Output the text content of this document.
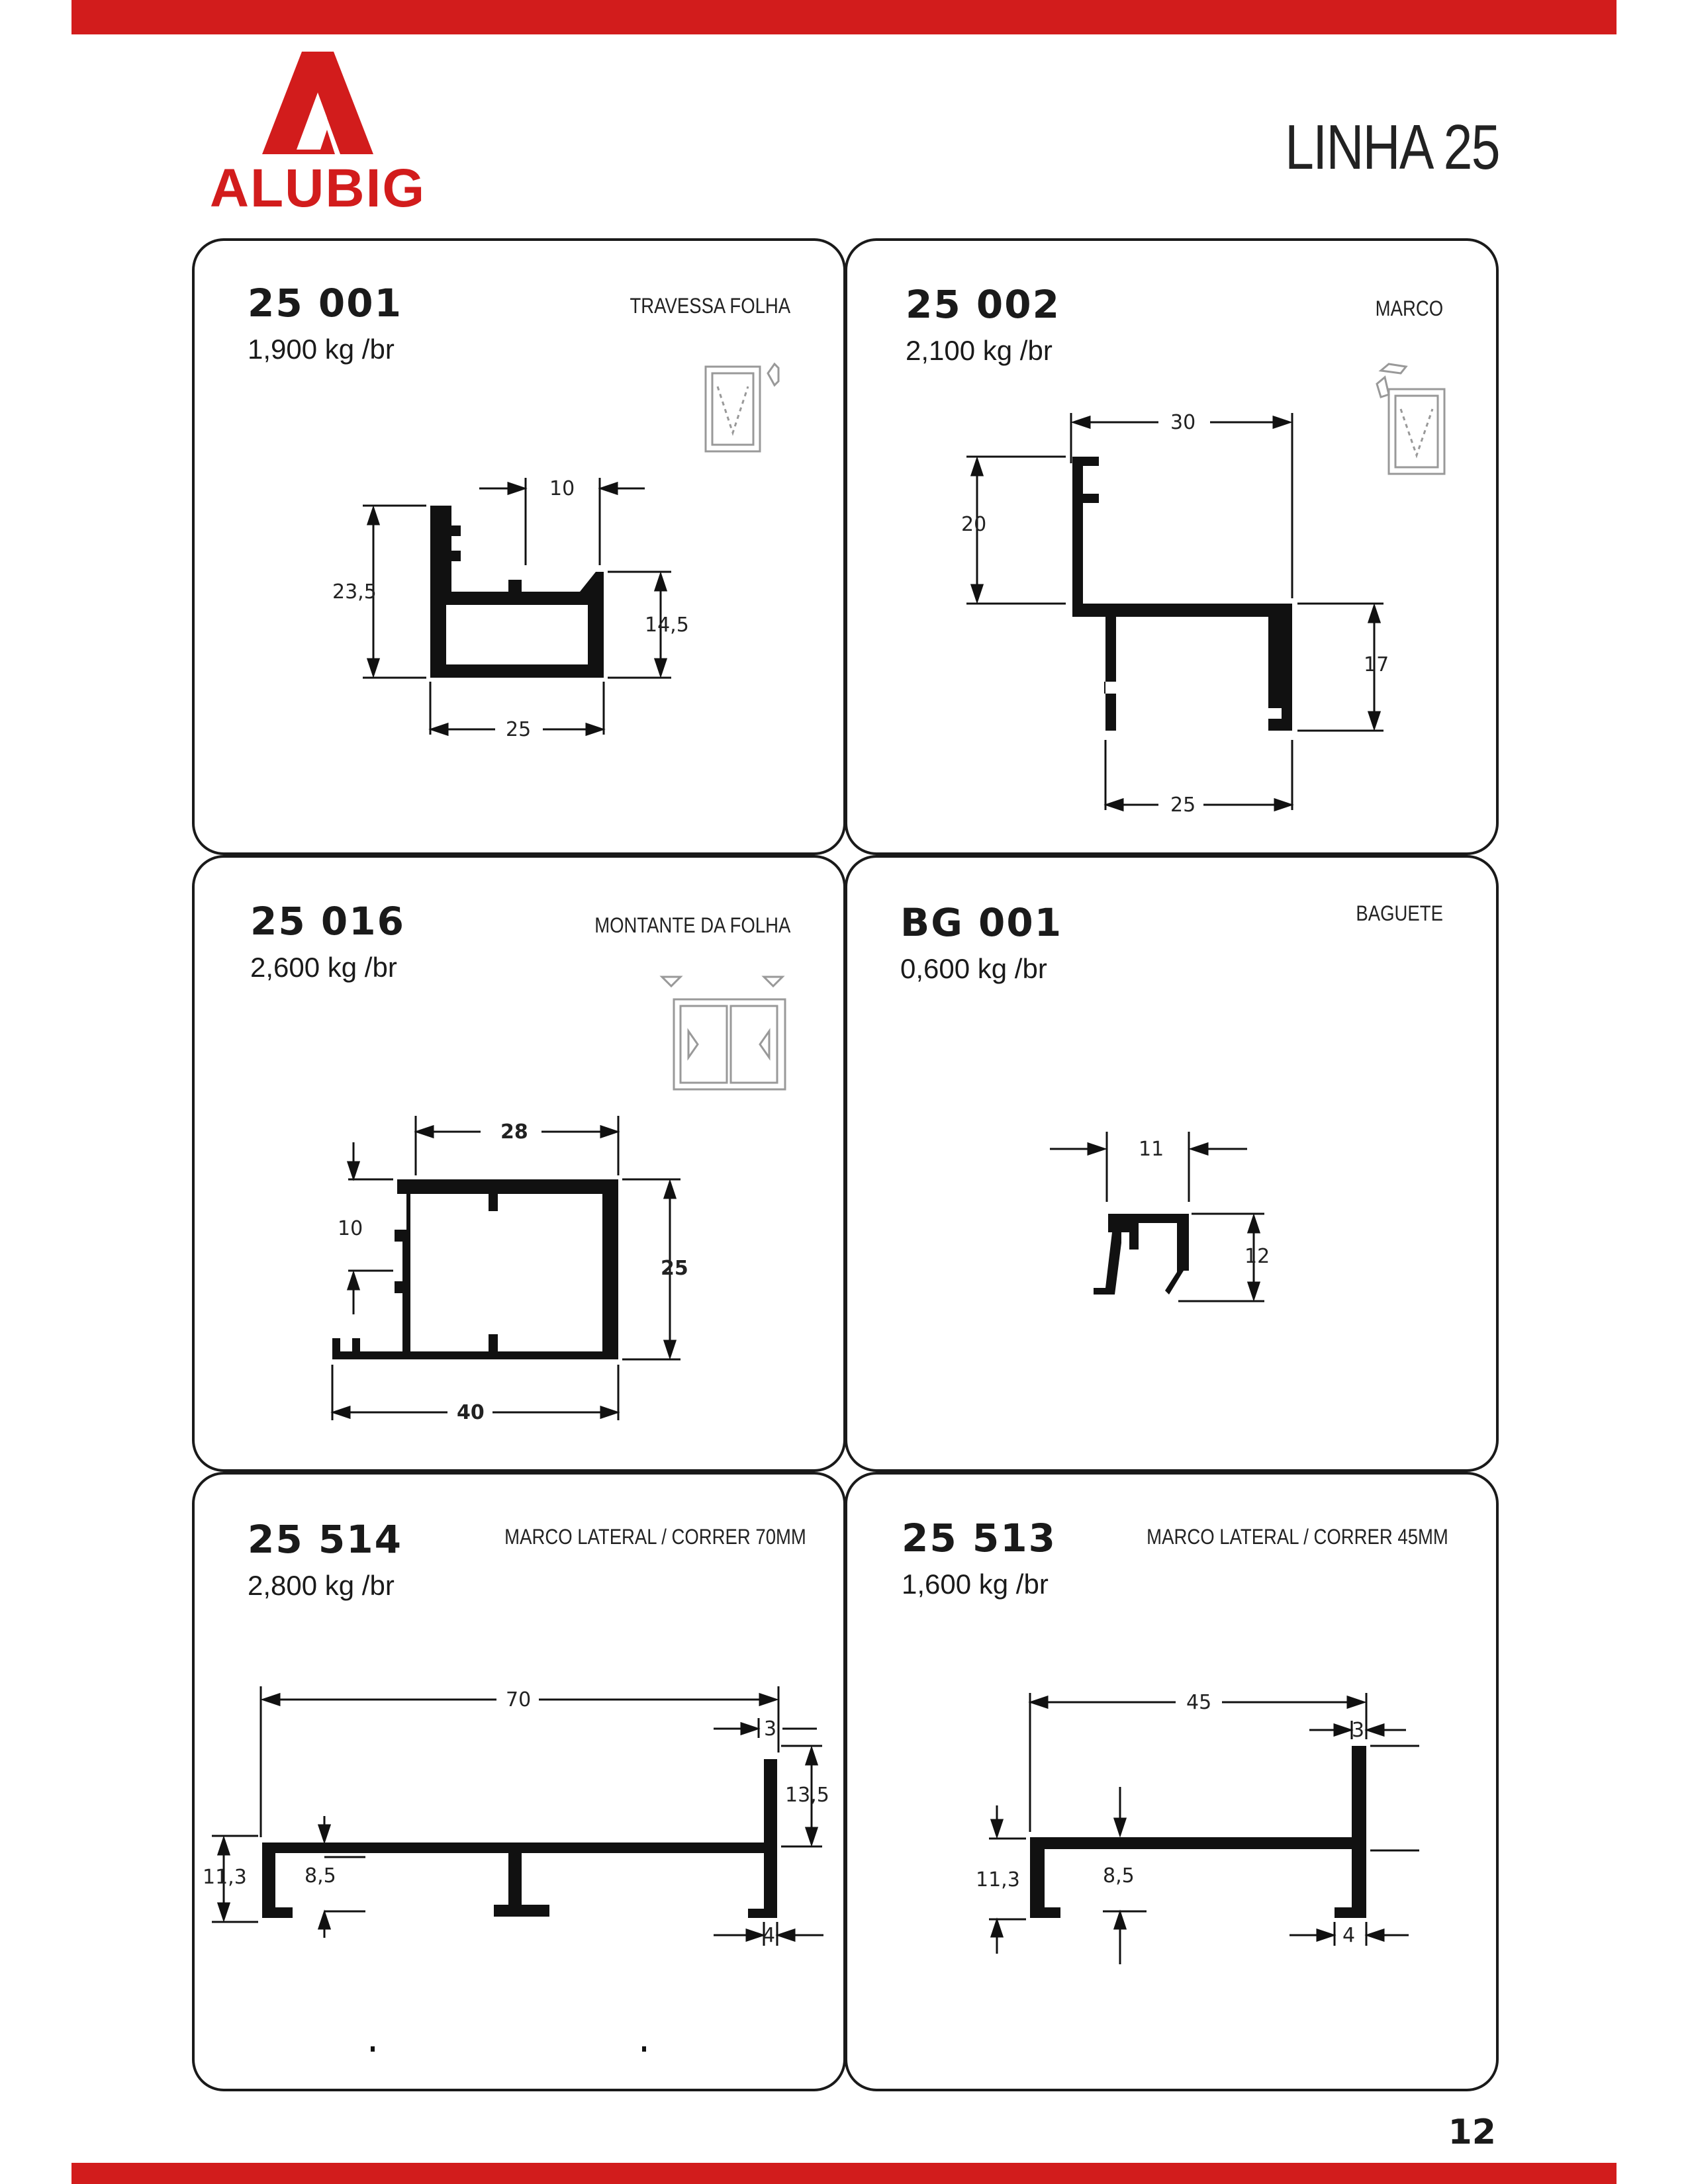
ALUBIG
LINHA 25
25 001
1,900 kg /br
TRAVESSA FOLHA
10
23,5
14,5
25
25 002
2,100 kg /br
MARCO
30
20
17
25
25 016
2,600 kg /br
MONTANTE DA FOLHA
28
10
25
40
BG 001
0,600 kg /br
BAGUETE
11
12
25 514
2,800 kg /br
MARCO LATERAL / CORRER 70MM
70
3
13,5
11,3	8,5
4
25 513
1,600 kg /br
MARCO LATERAL / CORRER 45MM
45
3
11,3	8,5
4
12
